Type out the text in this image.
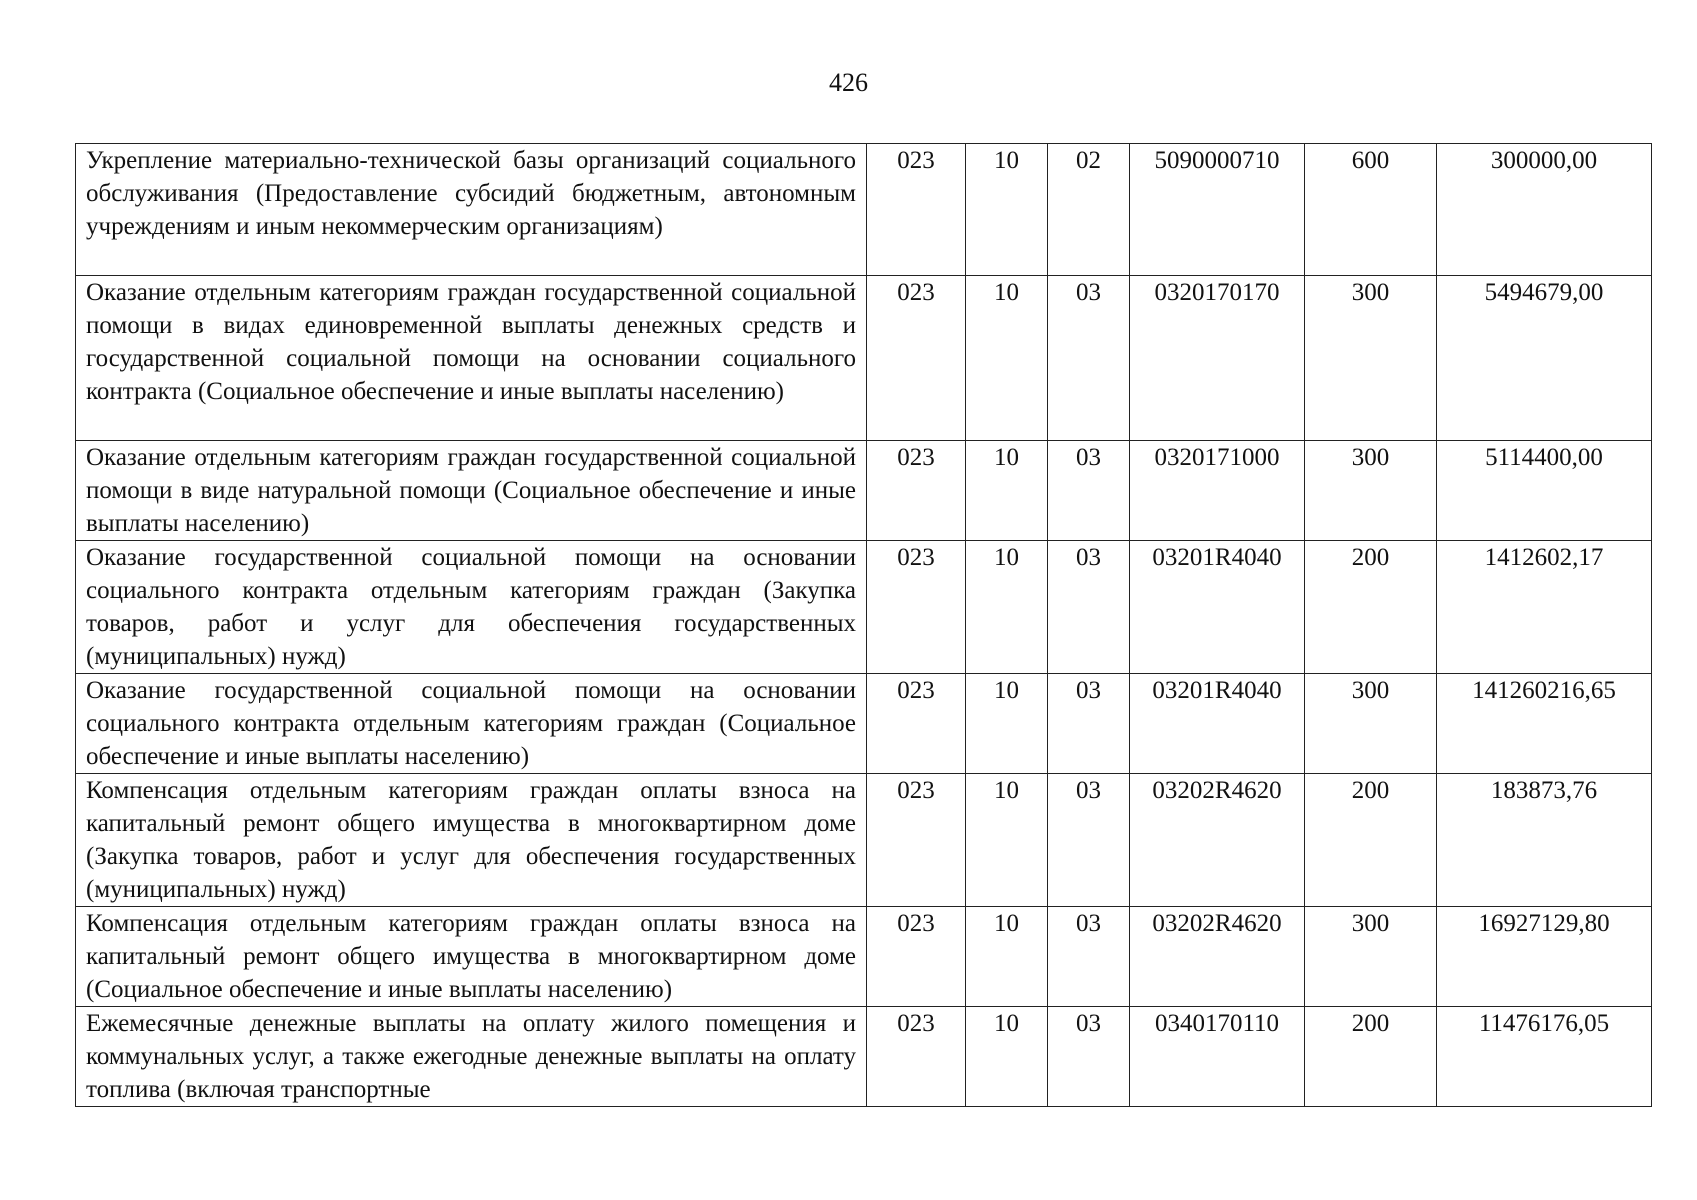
426
Укрепление материально-технической базы организаций социального обслуживания (Предоставление субсидий бюджетным, автономным учреждениям и иным некоммерческим организациям)	023	10	02	5090000710	600	300000,00
Оказание отдельным категориям граждан государственной социальной помощи в видах единовременной выплаты денежных средств и государственной социальной помощи на основании социального контракта (Социальное обеспечение и иные выплаты населению)	023	10	03	0320170170	300	5494679,00
Оказание отдельным категориям граждан государственной социальной помощи в виде натуральной помощи (Социальное обеспечение и иные выплаты населению)	023	10	03	0320171000	300	5114400,00
Оказание государственной социальной помощи на основании социального контракта отдельным категориям граждан (Закупка товаров, работ и услуг для обеспечения государственных (муниципальных) нужд)	023	10	03	03201R4040	200	1412602,17
Оказание государственной социальной помощи на основании социального контракта отдельным категориям граждан (Социальное обеспечение и иные выплаты населению)	023	10	03	03201R4040	300	141260216,65
Компенсация отдельным категориям граждан оплаты взноса на капитальный ремонт общего имущества в многоквартирном доме (Закупка товаров, работ и услуг для обеспечения государственных (муниципальных) нужд)	023	10	03	03202R4620	200	183873,76
Компенсация отдельным категориям граждан оплаты взноса на капитальный ремонт общего имущества в многоквартирном доме (Социальное обеспечение и иные выплаты населению)	023	10	03	03202R4620	300	16927129,80
Ежемесячные денежные выплаты на оплату жилого помещения и коммунальных услуг, а также ежегодные денежные выплаты на оплату топлива (включая транспортные	023	10	03	0340170110	200	11476176,05
